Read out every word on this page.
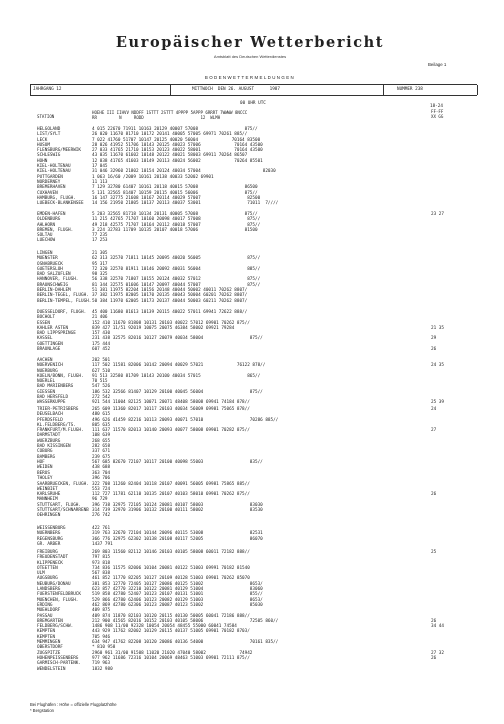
Europäischer Wetterbericht
Amtsblatt des Deutschen Wetterdienstes
Beilage 1
BODENWETTERMELDUNGEN
JAHRGANG 12	MITTWOCH  DEN 26. AUGUST      1987	NUMMER 238
00 UHR UTC
18-24
STATION
HOEHE III IIHVV NDDFF 1STTT 2STTT 4PPPP 5APPP 6RRRT 7WWWW 8NCCC
RR         N     RODD                       12  WLMH
FF-FF
XX GG
HELGOLAND	4 015 22670 71911 10163 20129 40007 57008                  875//
LIST/SYLT	26 020 11670 81710 10172 20141 40005 57005 69971 70261 885//
LECK	7 022 41760 51707 10147 20125 40020 56004             70164 83500
HUSUM	28 026 41952 51706 10143 20125 40023 57006             70164 43500
FLENSBURG/MEERWIK	27 033 41765 21710 10153 20123 40022 58001             70164 43500
SCHLESWIG	43 035 11670 61602 10148 20122 40021 58003 69911 70264 86507
HOHN	12 038 41765 41603 10149 20113 40024 56002             70264 85501
KIEL-HOLTENAU	17 045
KIEL-HOLTENAU	31 046 32960 21802 10154 20124 40034 57004                        82030
PUTTGARDEN	1 063 16/60 /2009 10161 20138 40033 52002 69901
NORDERNEY	11 113
BREMERHAVEN	7 129 32780 61407 10161 20118 40015 57008                  86500
CUXHAVEN	5 131 32565 81407 10159 20115 40015 56006                  875//
HAMBURG, FLUGH.	16 147 32775 21608 10167 20114 40029 57007                  82500
LUEBECK-BLANKENSEE 14 156 21950 21805 10137 20113 40037 53001                  71011  7////
EMDEN-HAFEN	5 203 32565 81718 10134 20131 40005 57008                  875//	23 27
OLDENBURG	11 215 42765 71707 10160 20098 40017 57008                  875//
AHLHORN	49 218 42575 71707 10164 20112 40018 57007                  875//
BREMEN, FLUGH.	3 224 32783 11709 10135 20107 40018 57006                  81500
SOLTAU	77 235
LUECHOW	17 253
LINGEN	21 305
MUENSTER	62 313 32570 71811 10145 20095 40020 56005                  875//
OSNABRUECK	95 317
GUETERSLOH	72 320 32570 81911 10146 20092 40031 56004                  885//
BAD SALZUFLEN	98 325
HANNOVER, FLUGH.	56 338 32570 71807 10155 20124 40032 57012                  875//
BRAUNSCHWEIG	81 344 32575 01606 10147 20097 40044 57007                  875//
BERLIN-DAHLEM	51 381 11975 82204 10156 20148 40044 50002 40011 70262 8807/
BERLIN-TEGEL, FLUGH. 37 382 11975 82005 10170 20135 40043 50004 60201 70262 8807/
BERLIN-TEMPEL, FLUGH. 50 384 11970 62005 10173 20137 40044 50003 60211 70262 8807/
DUESSELDORF, FLUGH. 45 400 11680 81613 10139 20115 40022 57011 69941 72622 888//
BOCHOLT	21 406
ESSEN	152 410 11670 81808 10131 20103 40022 57012 69901 70262 875//
KAHLER ASTEN	839 427 11/51 92019 10075 20075 46384 58002 69921 79284	21 35
BAD LIPPSPRINGE	157 430
KASSEL	231 438 32575 82016 10127 20079 40034 58004                  875//	29
GOETTINGEN	175 444
BRAUNLAGE	607 452	26
AACHEN	202 501
NOERVENICH	117 502 11581 82006 10142 20094 40029 57021             76122 878//	24 35
NUERBURG	627 510
KOELN/BONN, FLUGH. 91 513 32580 81709 10143 20100 40034 57015                  865//
NOERLEL	70 515
BAD MARIENBERG	547 526
GIESSEN	186 532 32566 81407 10129 20100 40045 56004                  875//
BAD HERSFELD	272 542
WASSERKUPPE	921 544 11004 82125 10071 20071 48408 58008 69941 74184 878//	25 39
TRIER-PETRISBERG	265 609 11360 82017 10117 20103 40034 56009 69981 75065 878//	24
DEUSELBACH	480 615
PFERDSFELD	496 626 41459 82216 10113 20093 40071 57010                  70286 885//
KL.FELDBERG/TS.	805 635
FRANKFURT/M.FLUGH. 111 637 11570 82013 10140 20093 40077 58008 69901 70282 875//	27
DARMSTADT	108 639
WUERZBURG	268 655
BAD KISSINGEN	282 658
COBURG	337 671
BAMBERG	239 675
HOF	567 685 82670 72107 10117 20100 40098 55003                  835//
WEIDEN	438 688
BERUS	363 704
THOLEY	396 706
SAARBRUECKEN, FLUGH. 322 708 11260 82404 10118 20107 40091 56005 69981 75865 885//
WEINBIET	553 724
KARLSRUHE	112 727 11781 62110 10135 20107 40103 58010 69901 70262 875//	26
MANNHEIM	96 729
STUTTGART, FLUGH.	396 738 32975 72105 10124 20081 40107 58003                  83030
STUTTGART/SCHNARRENB 314 739 32970 31906 10132 20100 40111 58002                  83530
OEHRINGEN	276 742
WEISSENBURG	422 761
NUERNBERG	319 763 32670 72104 10144 20096 40115 53008                  82531
REGENSBURG	366 776 32975 62302 10138 20108 40117 52005                  86070
GR. ARBER	1437 791
FREIBURG	269 803 11560 82112 10146 20103 40105 58008 60011 72182 888//	25
FREUDENSTADT	797 815
KLIPPENECK	973 818
OTEETTEN	734 836 11575 82006 10104 20081 40122 51003 69991 70182 81540
ULM	567 838
AUGSBURG	461 852 11770 82205 10127 20109 40128 51003 69901 70262 85070
NEUBURG/DONAU	381 853 12770 72405 10127 20086 40125 51002                  8653/
LANDSBERG	623 857 42770 32210 10122 20081 40129 51004                  83060
FUERSTENFELDBRUCK	519 858 42780 52407 10123 20107 40131 51001                  855//
MUENCHEN, FLUGH.	529 866 42780 62406 10123 20082 40129 51003                  8653/
ERDING	462 869 42780 62306 10123 20087 40123 51002                  85030
MUEHLDORF	409 875
PASSAU	409 874 11870 82103 10120 20115 40130 50005 60041 72186 888//
BREMGARTEN	212 900 41565 82016 10152 20103 40105 58006                  72505 860//	26
FELDBERG/SCHW.	1486 908 11/00 92328 10054 20054 48455 55000 60041 74584	34 44
KEMPTEN	443 929 11762 82002 10129 20115 40137 51005 69901 70182 8703/
KEMPTEN	705 946
MEMMINGEN	634 947 41762 82208 10120 20086 40136 54000                  70161 835//
OBERSTDORF	* 810 958
ZUGSPITZE	2960 961 31/00 91508 11020 21020 47040 58002             74942	27 32
HOHENPEISSENBERG	977 962 11686 72316 10104 20069 48463 51003 69901 72111 875//	26
GARMISCH-PARTENK.	719 963
WENDELSTEIN	1832 980
Bei Flughäfen : Höhe = offizielle Flugplatzhöhe
* Bergstation
